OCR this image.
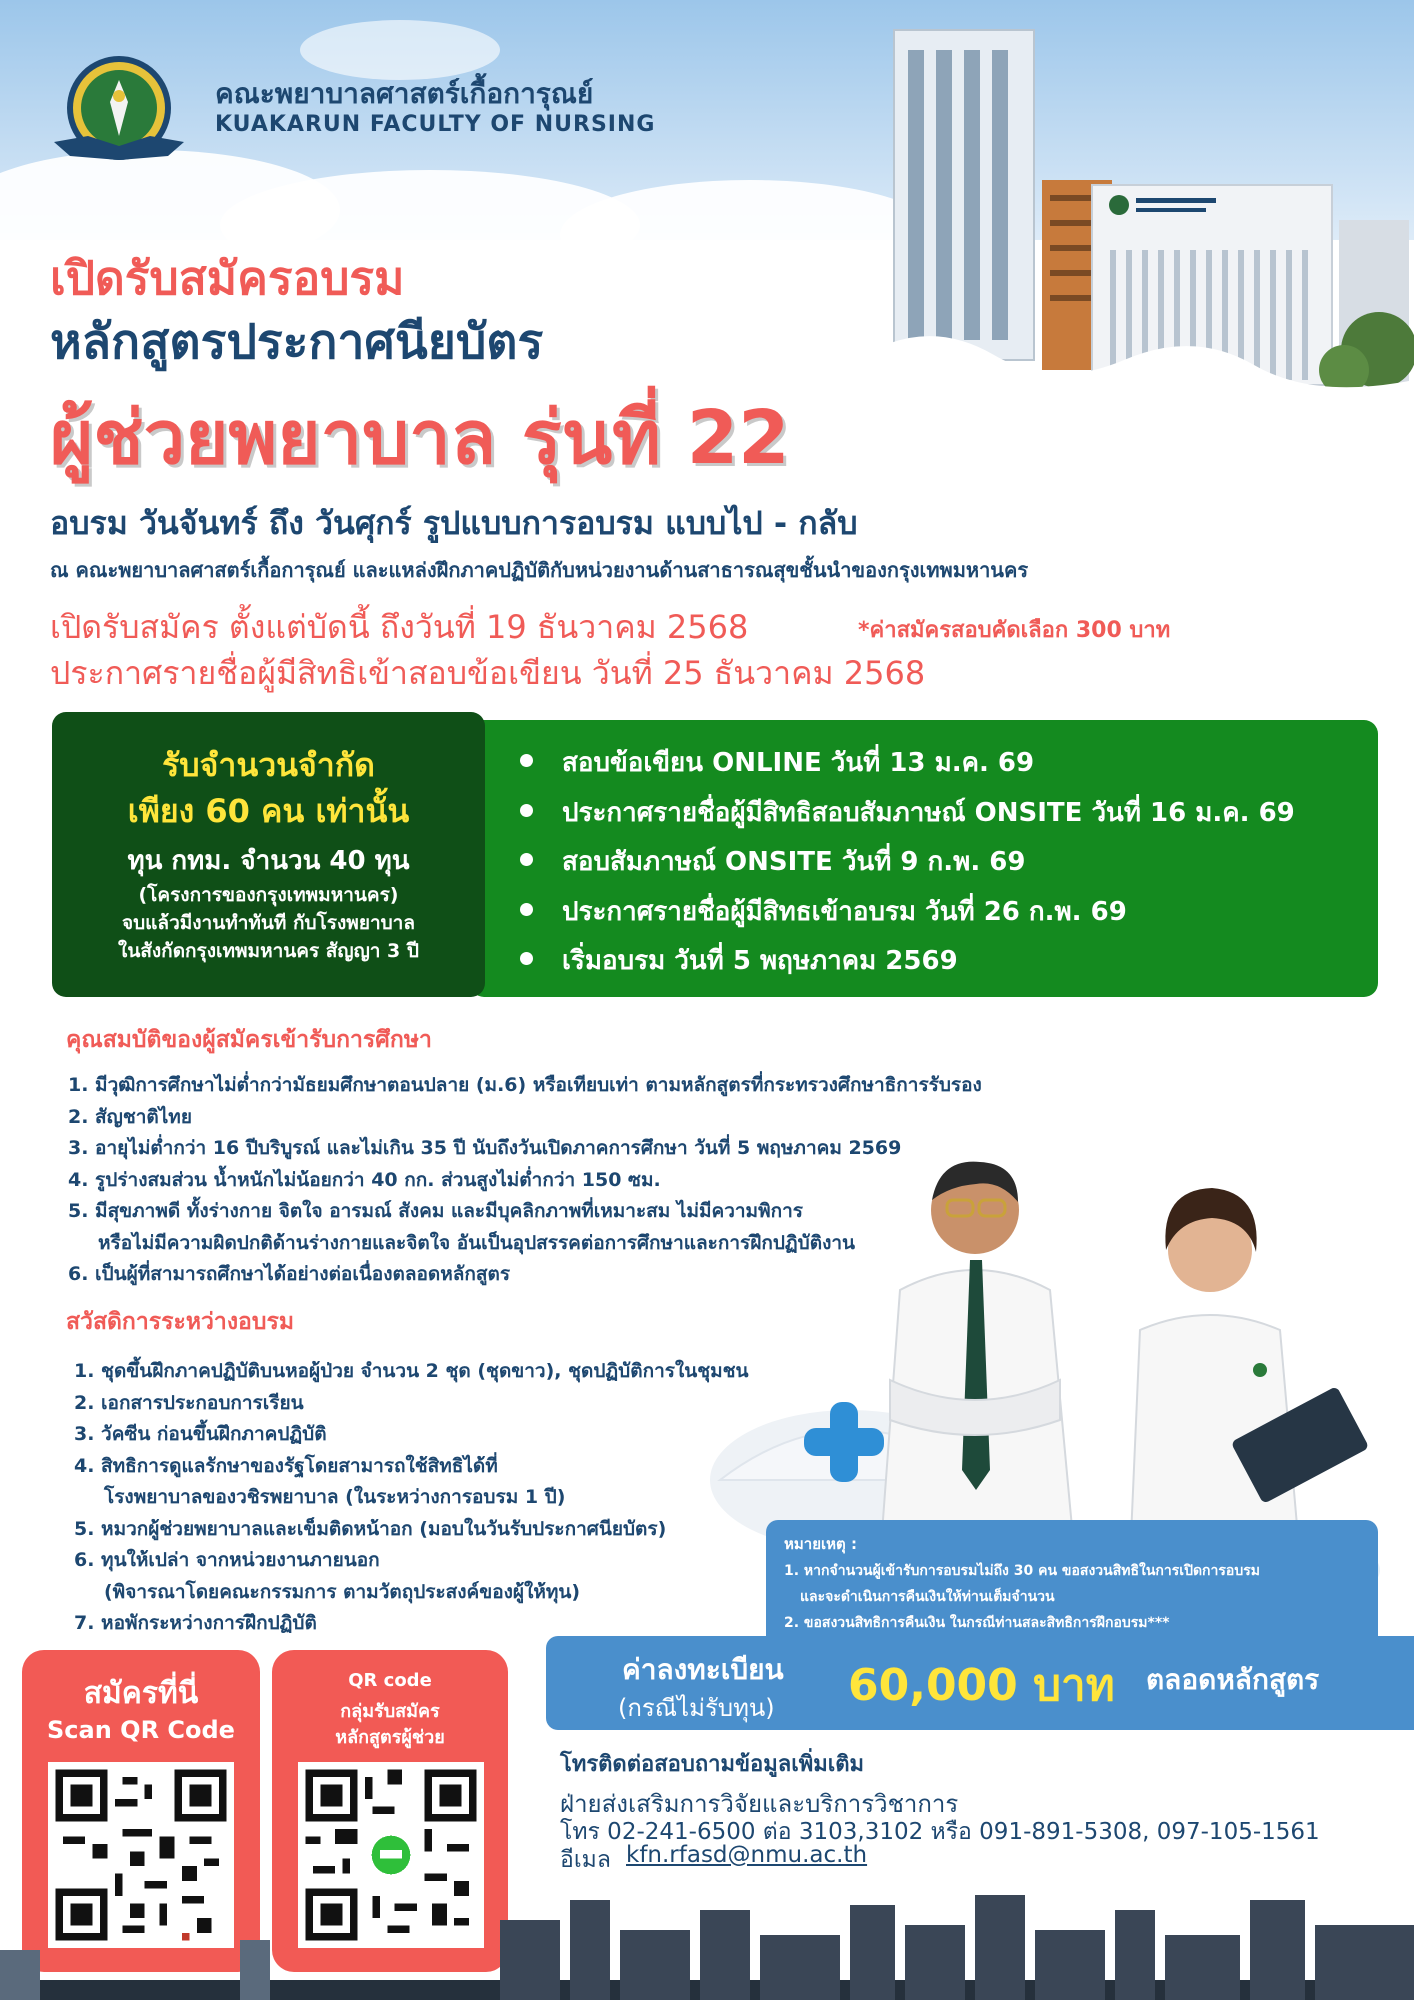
คณะพยาบาลศาสตร์เกื้อการุณย์
KUAKARUN FACULTY OF NURSING
เปิดรับสมัครอบรม
หลักสูตรประกาศนียบัตร
ผู้ช่วยพยาบาล รุ่นที่ 22
อบรม วันจันทร์ ถึง วันศุกร์ รูปแบบการอบรม แบบไป - กลับ
ณ คณะพยาบาลศาสตร์เกื้อการุณย์ และแหล่งฝึกภาคปฏิบัติกับหน่วยงานด้านสาธารณสุขชั้นนำของกรุงเทพมหานคร
เปิดรับสมัคร ตั้งแต่บัดนี้ ถึงวันที่ 19 ธันวาคม 2568	*ค่าสมัครสอบคัดเลือก 300 บาท
ประกาศรายชื่อผู้มีสิทธิเข้าสอบข้อเขียน วันที่ 25 ธันวาคม 2568
สอบข้อเขียน ONLINE วันที่ 13 ม.ค. 69
ประกาศรายชื่อผู้มีสิทธิสอบสัมภาษณ์ ONSITE วันที่ 16 ม.ค. 69
สอบสัมภาษณ์ ONSITE วันที่ 9 ก.พ. 69
ประกาศรายชื่อผู้มีสิทธเข้าอบรม วันที่ 26 ก.พ. 69
เริ่มอบรม วันที่ 5 พฤษภาคม 2569
รับจำนวนจำกัด
เพียง 60 คน เท่านั้น
ทุน กทม. จำนวน 40 ทุน
(โครงการของกรุงเทพมหานคร)
จบแล้วมีงานทำทันที กับโรงพยาบาล
ในสังกัดกรุงเทพมหานคร สัญญา 3 ปี
คุณสมบัติของผู้สมัครเข้ารับการศึกษา
1. มีวุฒิการศึกษาไม่ต่ำกว่ามัธยมศึกษาตอนปลาย (ม.6) หรือเทียบเท่า ตามหลักสูตรที่กระทรวงศึกษาธิการรับรอง
2. สัญชาติไทย
3. อายุไม่ต่ำกว่า 16 ปีบริบูรณ์ และไม่เกิน 35 ปี นับถึงวันเปิดภาคการศึกษา วันที่ 5 พฤษภาคม 2569
4. รูปร่างสมส่วน น้ำหนักไม่น้อยกว่า 40 กก. ส่วนสูงไม่ต่ำกว่า 150 ซม.
5. มีสุขภาพดี ทั้งร่างกาย จิตใจ อารมณ์ สังคม และมีบุคลิกภาพที่เหมาะสม ไม่มีความพิการ
หรือไม่มีความผิดปกติด้านร่างกายและจิตใจ อันเป็นอุปสรรคต่อการศึกษาและการฝึกปฏิบัติงาน
6. เป็นผู้ที่สามารถศึกษาได้อย่างต่อเนื่องตลอดหลักสูตร
สวัสดิการระหว่างอบรม
1. ชุดขึ้นฝึกภาคปฏิบัติบนหอผู้ป่วย จำนวน 2 ชุด (ชุดขาว), ชุดปฏิบัติการในชุมชน
2. เอกสารประกอบการเรียน
3. วัคซีน ก่อนขึ้นฝึกภาคปฏิบัติ
4. สิทธิการดูแลรักษาของรัฐโดยสามารถใช้สิทธิได้ที่
โรงพยาบาลของวชิรพยาบาล (ในระหว่างการอบรม 1 ปี)
5. หมวกผู้ช่วยพยาบาลและเข็มติดหน้าอก (มอบในวันรับประกาศนียบัตร)
6. ทุนให้เปล่า จากหน่วยงานภายนอก
(พิจารณาโดยคณะกรรมการ ตามวัตถุประสงค์ของผู้ให้ทุน)
7. หอพักระหว่างการฝึกปฏิบัติ
หมายเหตุ :
1. หากจำนวนผู้เข้ารับการอบรมไม่ถึง 30 คน ขอสงวนสิทธิในการเปิดการอบรม
และจะดำเนินการคืนเงินให้ท่านเต็มจำนวน
2. ขอสงวนสิทธิการคืนเงิน ในกรณีท่านสละสิทธิการฝึกอบรม***
ค่าลงทะเบียน
(กรณีไม่รับทุน) 60,000 บาท ตลอดหลักสูตร
โทรติดต่อสอบถามข้อมูลเพิ่มเติม
ฝ่ายส่งเสริมการวิจัยและบริการวิชาการ
โทร 02-241-6500 ต่อ 3103,3102 หรือ 091-891-5308, 097-105-1561
อีเมล kfn.rfasd@nmu.ac.th
สมัครที่นี่
Scan QR Code
QR code
กลุ่มรับสมัคร
หลักสูตรผู้ช่วย
